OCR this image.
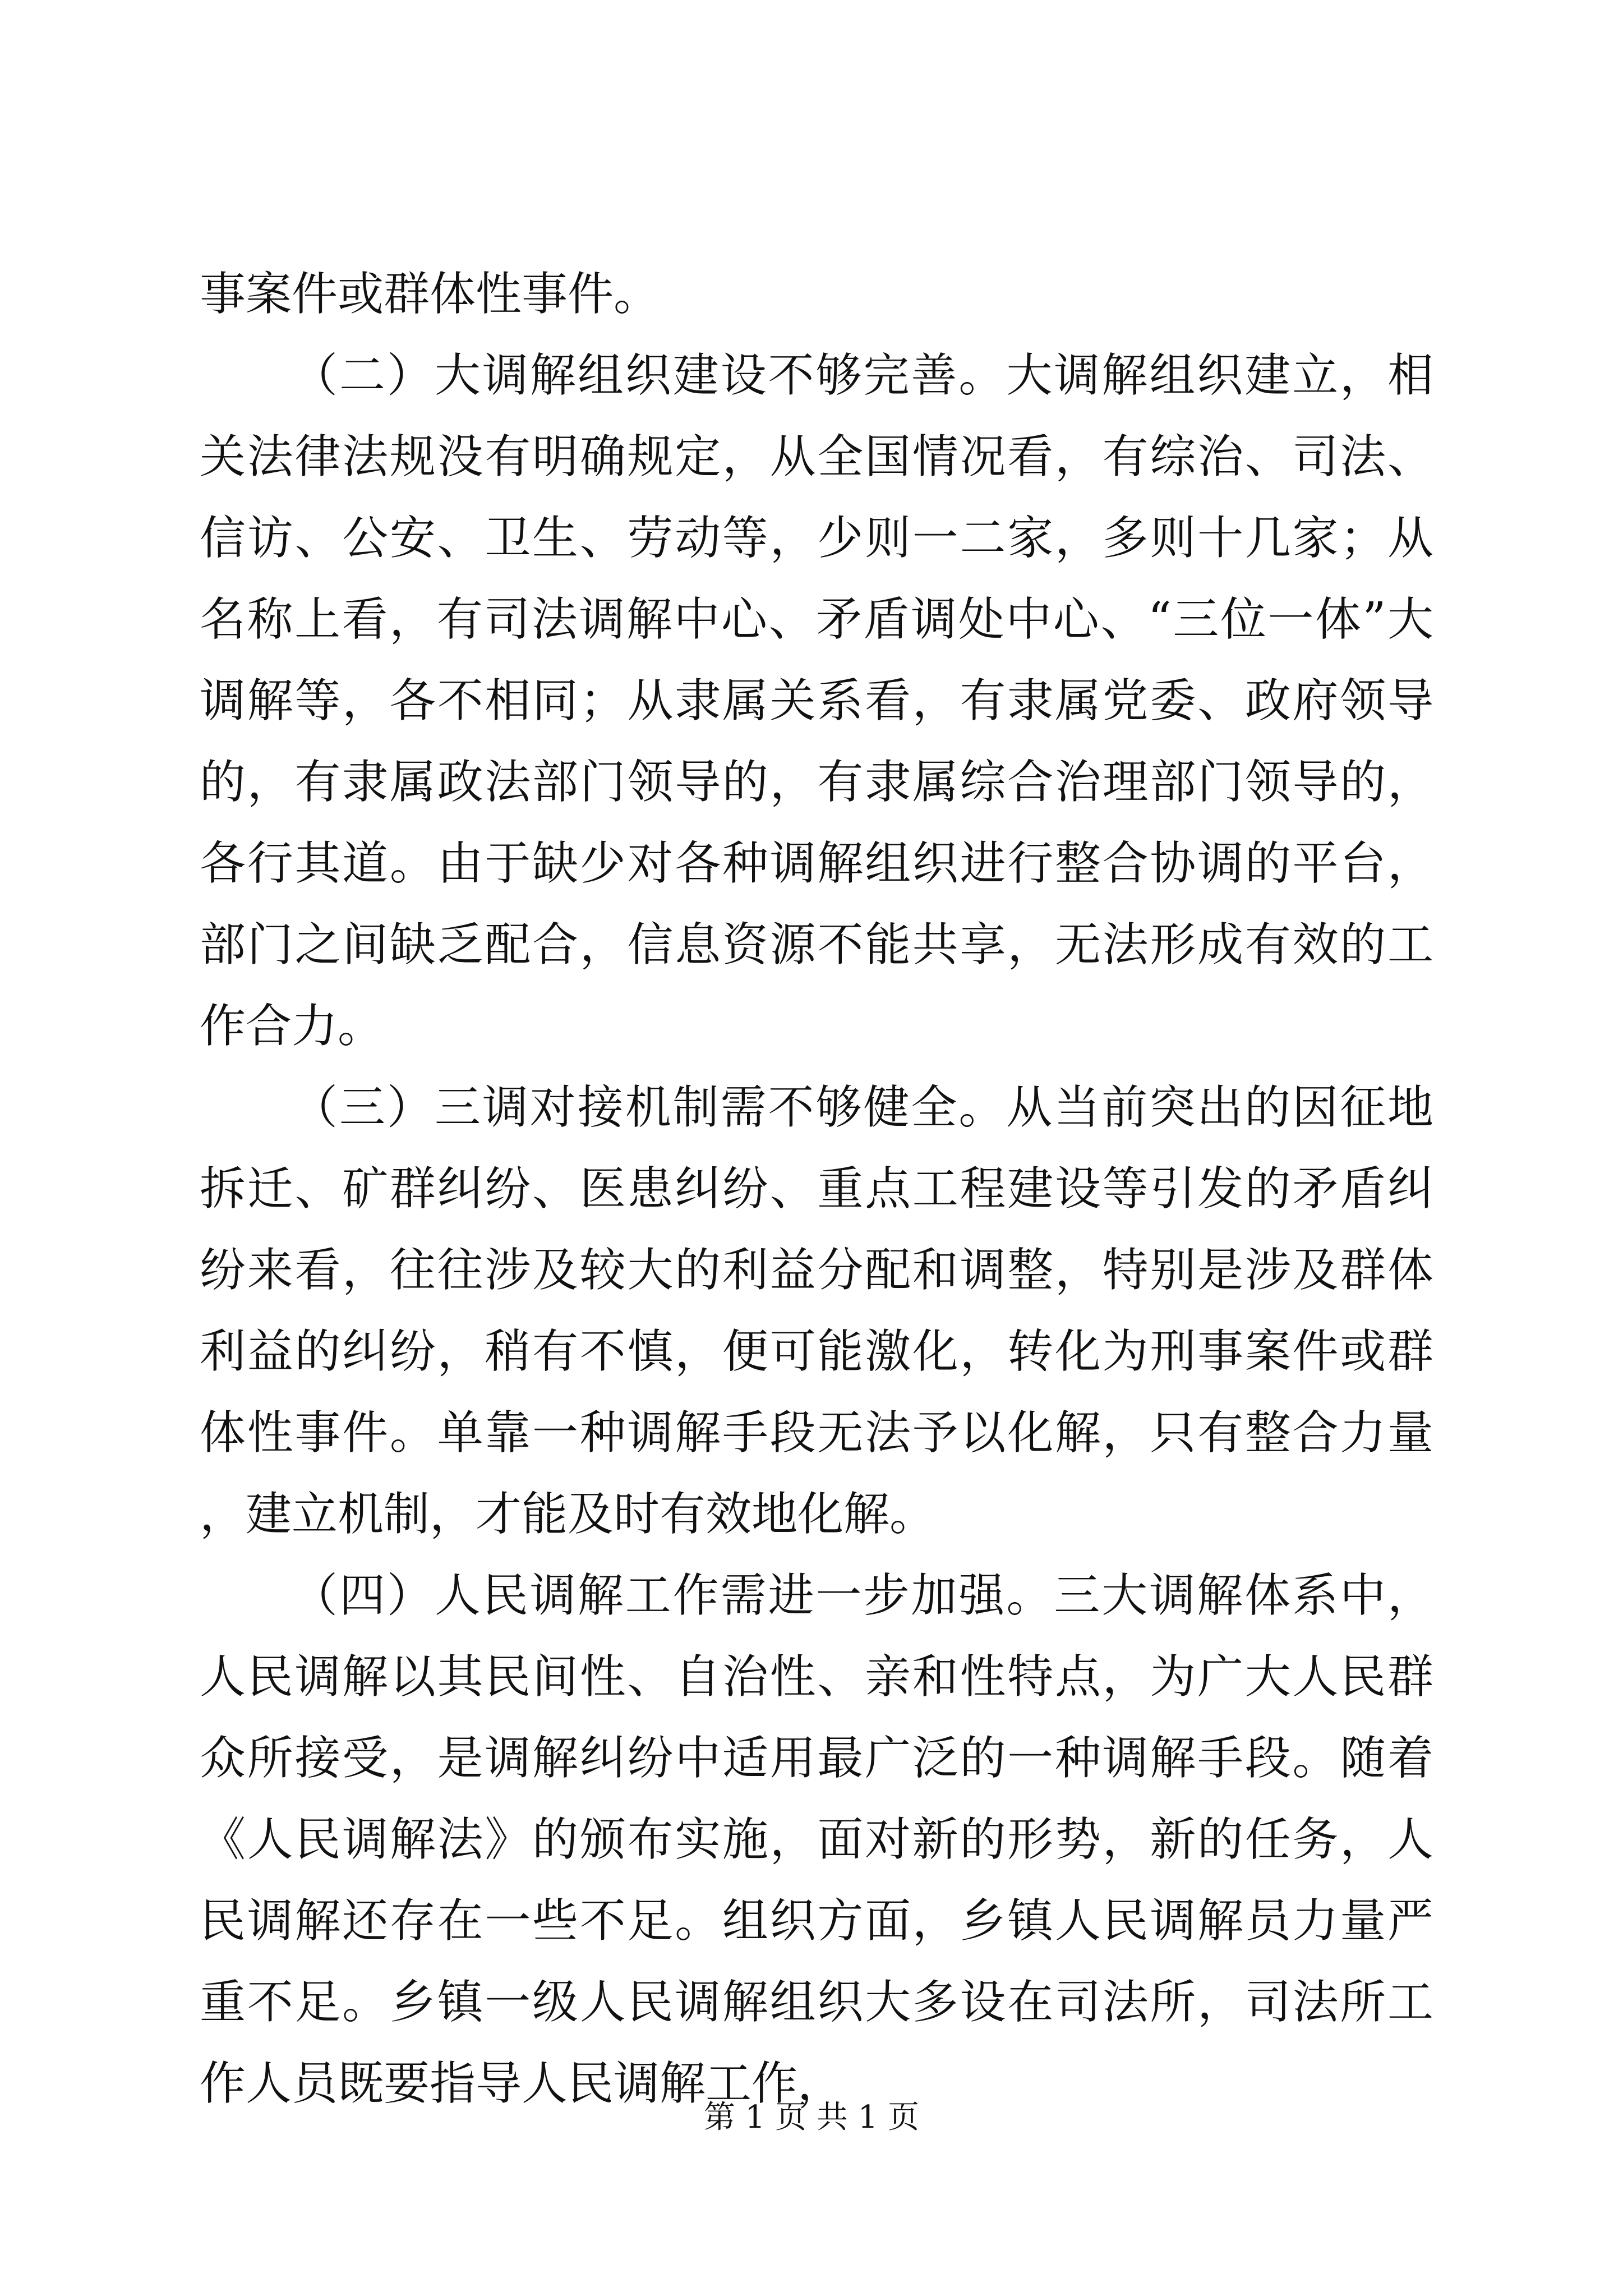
事案件或群体性事件。

（二）大调解组织建设不够完善。大调解组织建立，相关法律法规没有明确规定，从全国情况看，有综治、司法、信访、公安、卫生、劳动等，少则一二家，多则十几家；从名称上看，有司法调解中心、矛盾调处中心、“三位一体”大调解等，各不相同；从隶属关系看，有隶属党委、政府领导的，有隶属政法部门领导的，有隶属综合治理部门领导的，各行其道。由于缺少对各种调解组织进行整合协调的平台，部门之间缺乏配合，信息资源不能共享，无法形成有效的工作合力。

（三）三调对接机制需不够健全。从当前突出的因征地拆迁、矿群纠纷、医患纠纷、重点工程建设等引发的矛盾纠纷来看，往往涉及较大的利益分配和调整，特别是涉及群体利益的纠纷，稍有不慎，便可能激化，转化为刑事案件或群体性事件。单靠一种调解手段无法予以化解，只有整合力量，建立机制，才能及时有效地化解。

（四）人民调解工作需进一步加强。三大调解体系中，人民调解以其民间性、自治性、亲和性特点，为广大人民群众所接受，是调解纠纷中适用最广泛的一种调解手段。随着《人民调解法》的颁布实施，面对新的形势，新的任务，人民调解还存在一些不足。组织方面，乡镇人民调解员力量严重不足。乡镇一级人民调解组织大多设在司法所，司法所工作人员既要指导人民调解工作，

第 1 页 共 1 页
